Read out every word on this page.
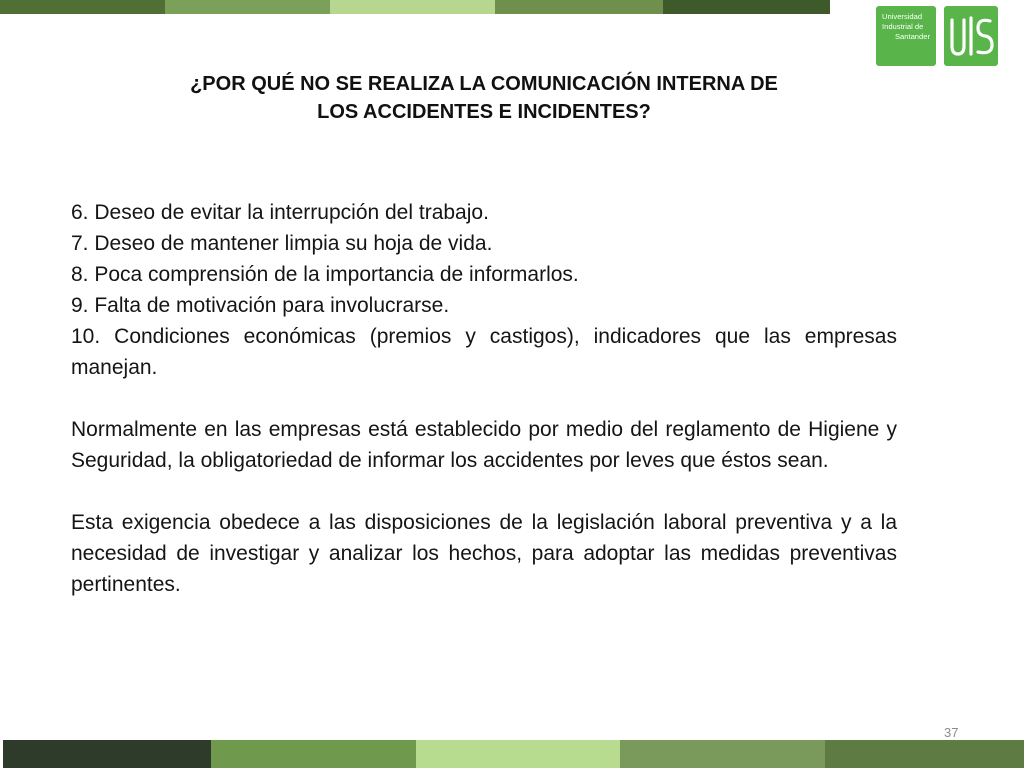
Universidad
Industrial de

Santander
¿POR QUÉ NO SE REALIZA LA COMUNICACIÓN INTERNA DE
LOS ACCIDENTES E INCIDENTES?
6. Deseo de evitar la interrupción del trabajo.
7. Deseo de mantener limpia su hoja de vida.
8. Poca comprensión de la importancia de informarlos.
9. Falta de motivación para involucrarse.

10. Condiciones económicas (premios y castigos), indicadores que las empresas manejan.

Normalmente en las empresas está establecido por medio del reglamento de Higiene y Seguridad, la obligatoriedad de informar los accidentes por leves que éstos sean.

Esta exigencia obedece a las disposiciones de la legislación laboral preventiva y a la necesidad de investigar y analizar los hechos, para adoptar las medidas preventivas pertinentes.

37
